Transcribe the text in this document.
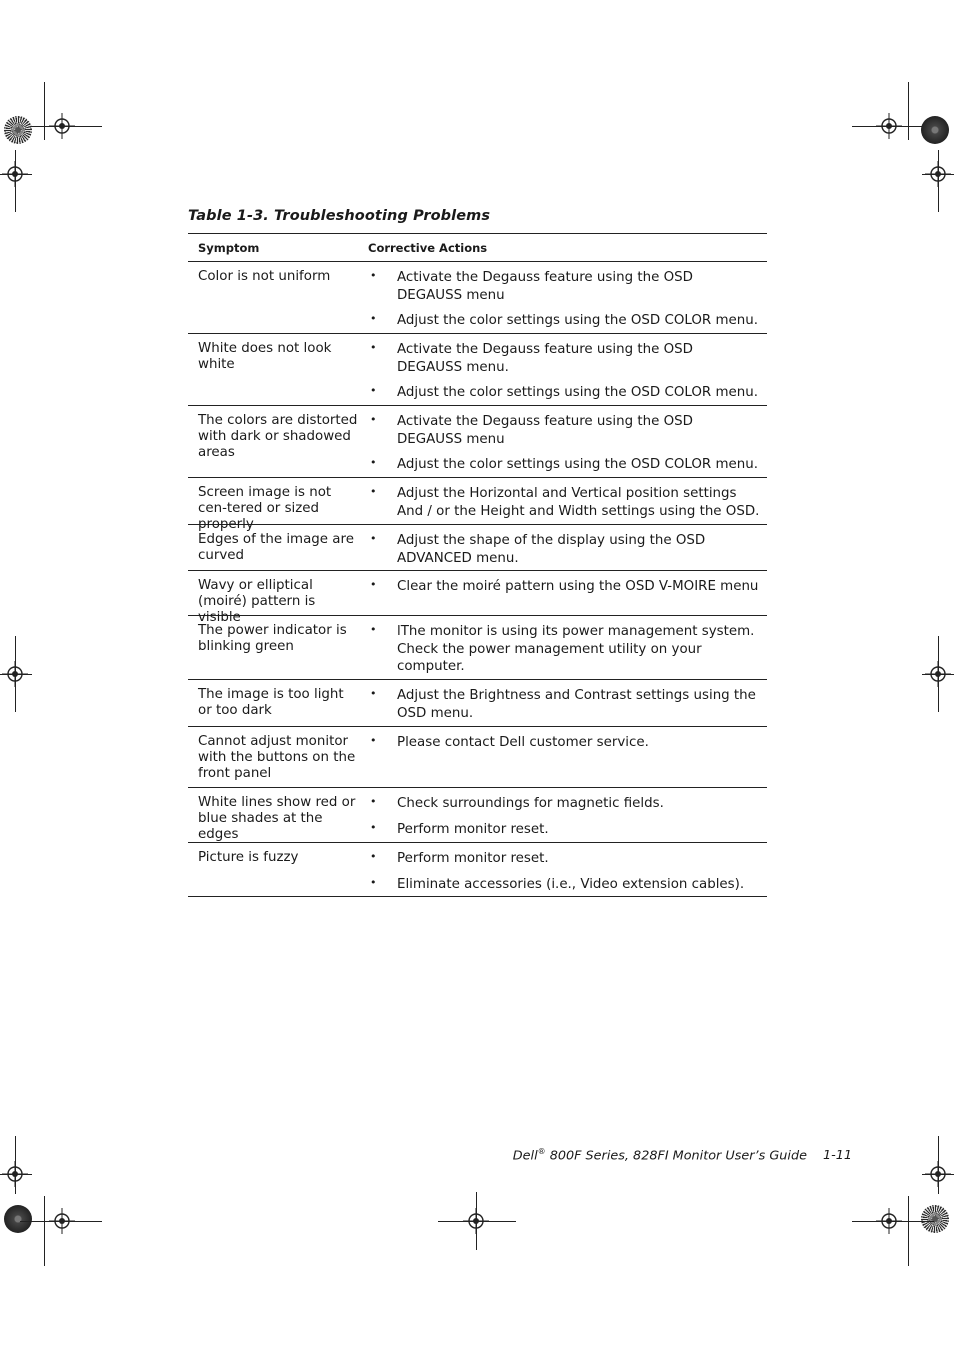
Table 1-3. Troubleshooting Problems
Symptom	Corrective Actions
Color is not uniform	•	Activate the Degauss feature using the OSD DEGAUSS menu
•	Adjust the color settings using the OSD COLOR menu.
White does not look white
•	Activate the Degauss feature using the OSD DEGAUSS menu.
•	Adjust the color settings using the OSD COLOR menu.
The colors are distorted with dark or shadowed areas
•	Activate the Degauss feature using the OSD DEGAUSS menu
•	Adjust the color settings using the OSD COLOR menu.
Screen image is not cen-tered or sized properly
•	Adjust the Horizontal and Vertical position settings And / or the Height and Width settings using the OSD.
Edges of the image are curved
•	Adjust the shape of the display using the OSD ADVANCED menu.
Wavy or elliptical (moiré) pattern is visible
•	Clear the moiré pattern using the OSD V-MOIRE menu
The power indicator is blinking green
•	lThe monitor is using its power management system. Check the power management utility on your computer.
The image is too light or too dark
•	Adjust the Brightness and Contrast settings using the OSD menu.
Cannot adjust monitor with the buttons on the front panel
•	Please contact Dell customer service.
White lines show red or blue shades at the edges
•	Check surroundings for magnetic fields.
•	Perform monitor reset.
Picture is fuzzy	•	Perform monitor reset.
•	Eliminate accessories (i.e., Video extension cables).
Dell® 800F Series, 828FI Monitor User’s Guide 1-11
